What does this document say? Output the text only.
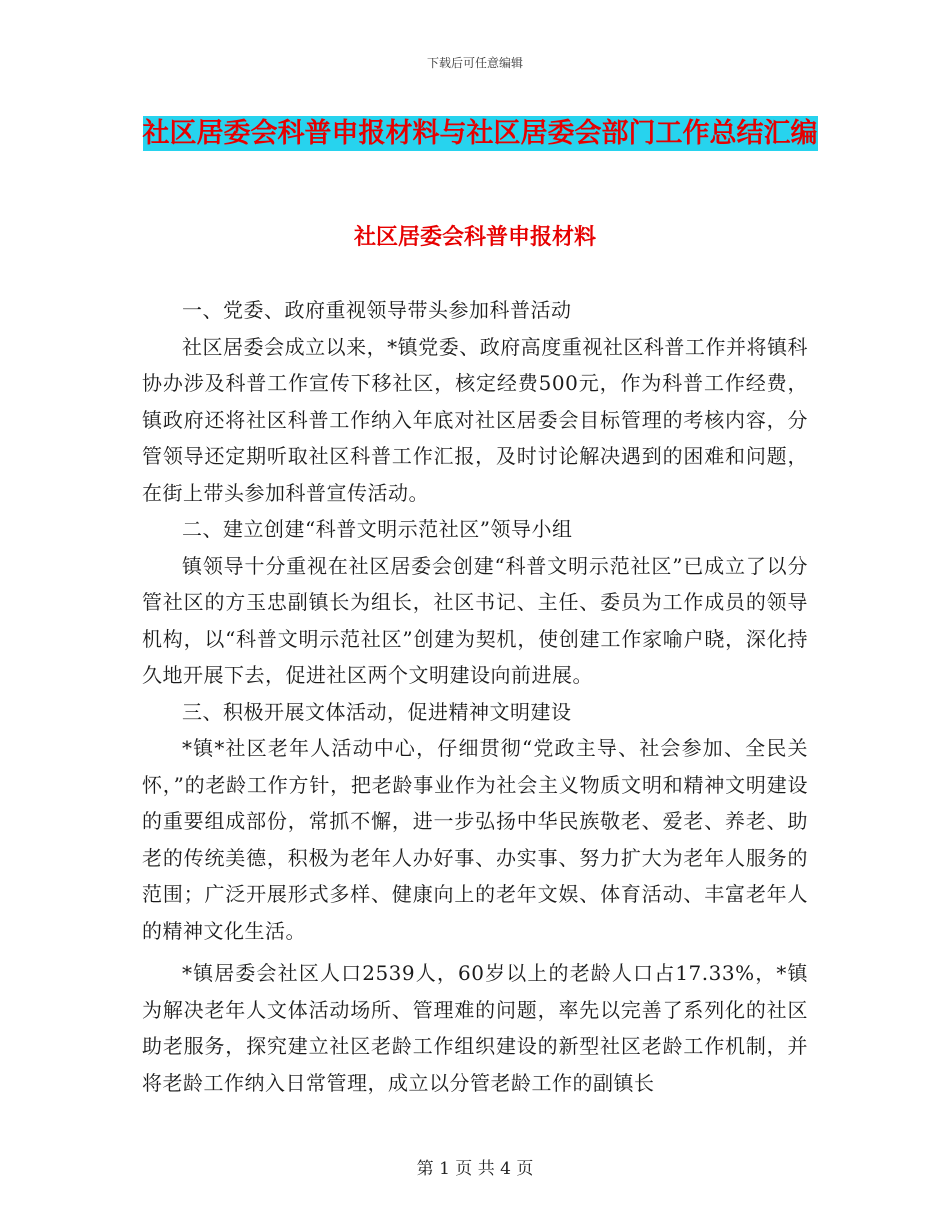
下载后可任意编辑
社区居委会科普申报材料与社区居委会部门工作总结汇编
社区居委会科普申报材料

一、党委、政府重视领导带头参加科普活动

社区居委会成立以来，*镇党委、政府高度重视社区科普工作并将镇科协办涉及科普工作宣传下移社区，核定经费500元，作为科普工作经费，镇政府还将社区科普工作纳入年底对社区居委会目标管理的考核内容，分管领导还定期听取社区科普工作汇报，及时讨论解决遇到的困难和问题，在街上带头参加科普宣传活动。

二、建立创建“科普文明示范社区”领导小组

镇领导十分重视在社区居委会创建“科普文明示范社区”已成立了以分管社区的方玉忠副镇长为组长，社区书记、主任、委员为工作成员的领导机构，以“科普文明示范社区”创建为契机，使创建工作家喻户晓，深化持久地开展下去，促进社区两个文明建设向前进展。

三、积极开展文体活动，促进精神文明建设

*镇*社区老年人活动中心，仔细贯彻“党政主导、社会参加、全民关怀，”的老龄工作方针，把老龄事业作为社会主义物质文明和精神文明建设的重要组成部份，常抓不懈，进一步弘扬中华民族敬老、爱老、养老、助老的传统美德，积极为老年人办好事、办实事、努力扩大为老年人服务的范围；广泛开展形式多样、健康向上的老年文娱、体育活动、丰富老年人的精神文化生活。

*镇居委会社区人口2539人，60岁以上的老龄人口占17.33%，*镇为解决老年人文体活动场所、管理难的问题，率先以完善了系列化的社区助老服务，探究建立社区老龄工作组织建设的新型社区老龄工作机制，并将老龄工作纳入日常管理，成立以分管老龄工作的副镇长

第 1 页 共 4 页
